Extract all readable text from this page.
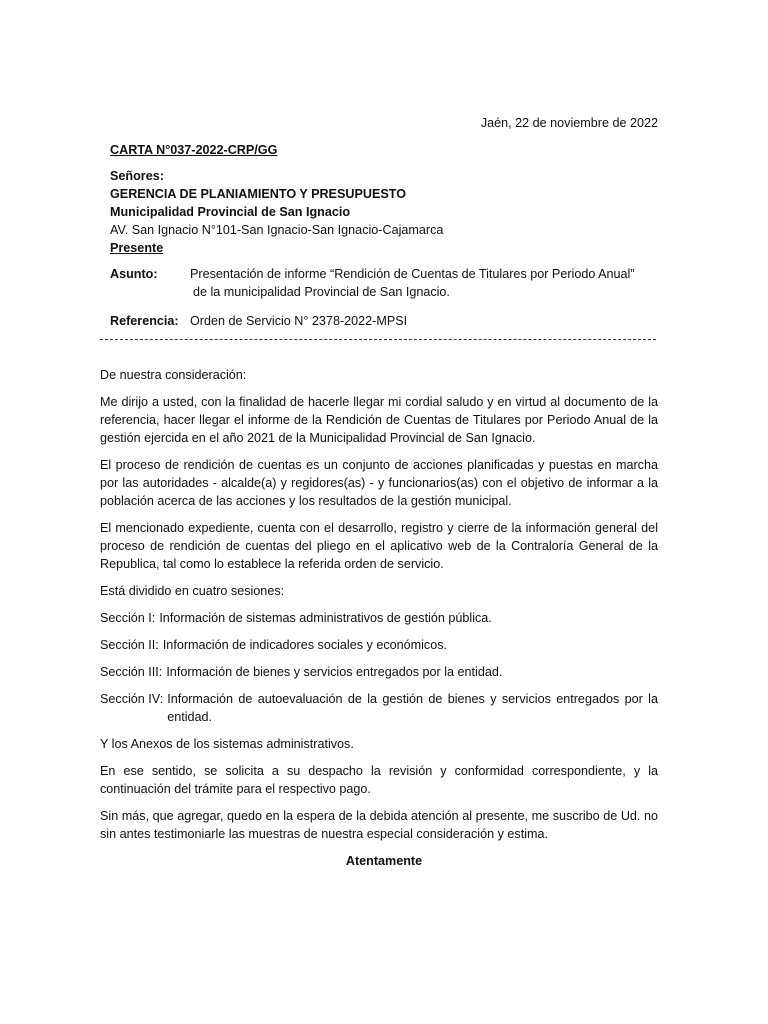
Jaén, 22 de noviembre de 2022
CARTA N°037-2022-CRP/GG
Señores:
GERENCIA DE PLANIAMIENTO Y PRESUPUESTO
Municipalidad Provincial de San Ignacio
AV. San Ignacio N°101-San Ignacio-San Ignacio-Cajamarca
Presente
Asunto:	Presentación de informe “Rendición de Cuentas de Titulares por Periodo Anual”
de la municipalidad Provincial de San Ignacio.
Referencia: Orden de Servicio N° 2378-2022-MPSI

De nuestra consideración:

Me dirijo a usted, con la finalidad de hacerle llegar mi cordial saludo y en virtud al documento de la referencia, hacer llegar el informe de la Rendición de Cuentas de Titulares por Periodo Anual de la gestión ejercida en el año 2021 de la Municipalidad Provincial de San Ignacio.

El proceso de rendición de cuentas es un conjunto de acciones planificadas y puestas en marcha por las autoridades - alcalde(a) y regidores(as) - y funcionarios(as) con el objetivo de informar a la población acerca de las acciones y los resultados de la gestión municipal.

El mencionado expediente, cuenta con el desarrollo, registro y cierre de la información general del proceso de rendición de cuentas del pliego en el aplicativo web de la Contraloría General de la Republica, tal como lo establece la referida orden de servicio.

Está dividido en cuatro sesiones:

Sección I: Información de sistemas administrativos de gestión pública.
Sección II: Información de indicadores sociales y económicos.
Sección III: Información de bienes y servicios entregados por la entidad.
Sección IV: Información de autoevaluación de la gestión de bienes y servicios entregados por la entidad.

Y los Anexos de los sistemas administrativos.

En ese sentido, se solicita a su despacho la revisión y conformidad correspondiente, y la continuación del trámite para el respectivo pago.

Sin más, que agregar, quedo en la espera de la debida atención al presente, me suscribo de Ud. no sin antes testimoniarle las muestras de nuestra especial consideración y estima.

Atentamente
